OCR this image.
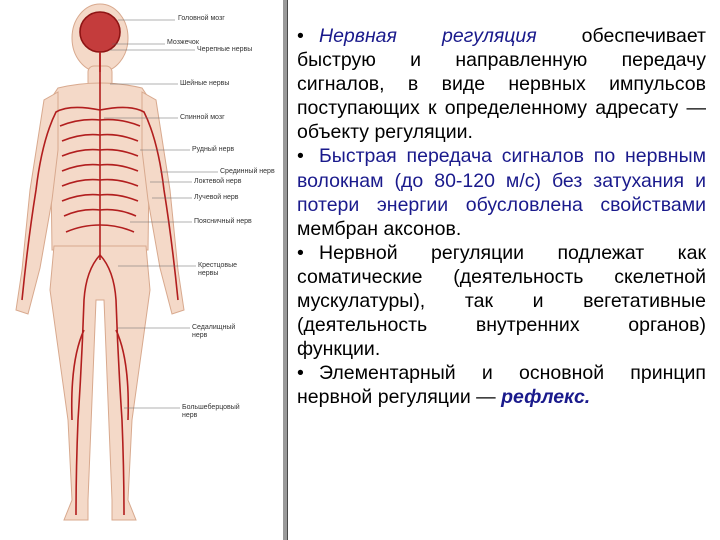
Головной мозг
Мозжечок
Черепные нервы
Шейные нервы
Спинной мозг
Рудный нерв
Срединный нерв
Локтевой нерв
Лучевой нерв
Поясничный нерв
Крестцовые нервы
Седалищный нерв
Большеберцовый нерв

• Нервная регуляция обеспечивает быструю и направленную передачу сигналов, в виде нервных импульсов поступающих к определенному адресату — объекту регуляции.

• Быстрая передача сигналов по нервным волокнам (до 80-120 м/с) без затухания и потери энергии обусловлена свойствами мембран аксонов.

• Нервной регуляции подлежат как соматические (деятельность скелетной мускулатуры), так и вегетативные (деятельность внутренних органов) функции.

• Элементарный и основной принцип нервной регуляции — рефлекс.
